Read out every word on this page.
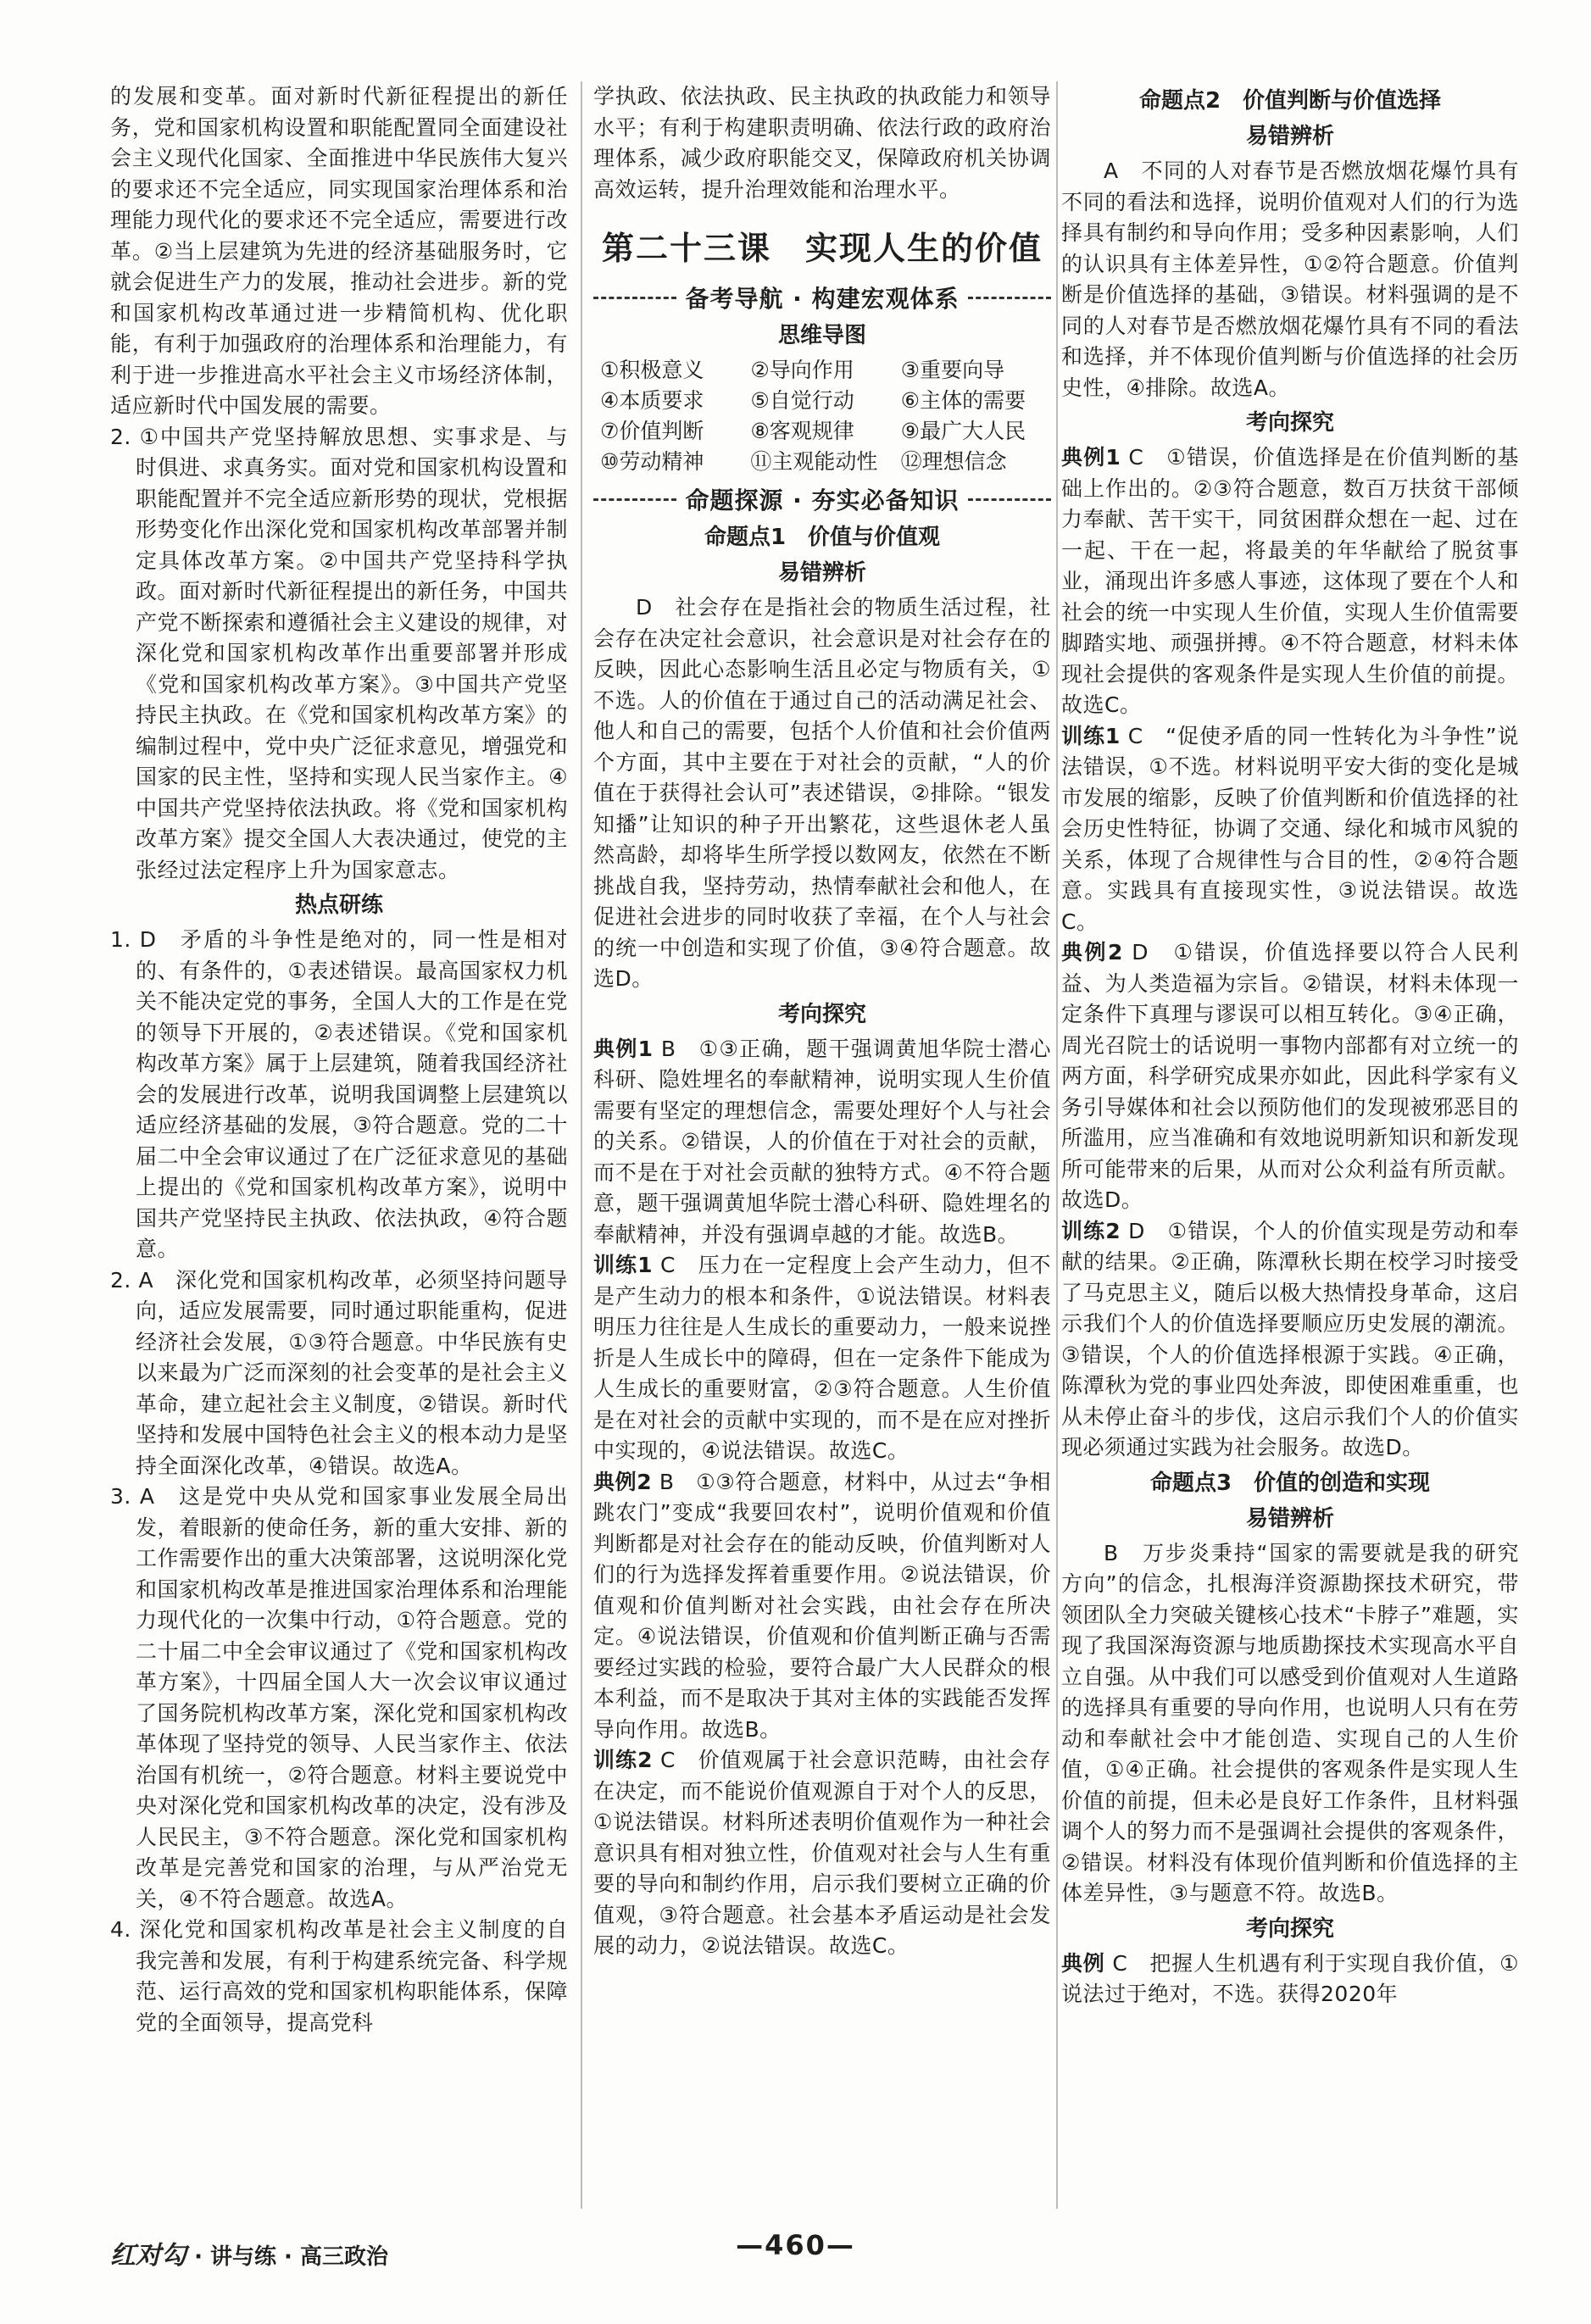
的发展和变革。面对新时代新征程提出的新任务，党和国家机构设置和职能配置同全面建设社会主义现代化国家、全面推进中华民族伟大复兴的要求还不完全适应，同实现国家治理体系和治理能力现代化的要求还不完全适应，需要进行改革。②当上层建筑为先进的经济基础服务时，它就会促进生产力的发展，推动社会进步。新的党和国家机构改革通过进一步精简机构、优化职能，有利于加强政府的治理体系和治理能力，有利于进一步推进高水平社会主义市场经济体制，适应新时代中国发展的需要。

2. ①中国共产党坚持解放思想、实事求是、与时俱进、求真务实。面对党和国家机构设置和职能配置并不完全适应新形势的现状，党根据形势变化作出深化党和国家机构改革部署并制定具体改革方案。②中国共产党坚持科学执政。面对新时代新征程提出的新任务，中国共产党不断探索和遵循社会主义建设的规律，对深化党和国家机构改革作出重要部署并形成《党和国家机构改革方案》。③中国共产党坚持民主执政。在《党和国家机构改革方案》的编制过程中，党中央广泛征求意见，增强党和国家的民主性，坚持和实现人民当家作主。④中国共产党坚持依法执政。将《党和国家机构改革方案》提交全国人大表决通过，使党的主张经过法定程序上升为国家意志。

热点研练

1. D　矛盾的斗争性是绝对的，同一性是相对的、有条件的，①表述错误。最高国家权力机关不能决定党的事务，全国人大的工作是在党的领导下开展的，②表述错误。《党和国家机构改革方案》属于上层建筑，随着我国经济社会的发展进行改革，说明我国调整上层建筑以适应经济基础的发展，③符合题意。党的二十届二中全会审议通过了在广泛征求意见的基础上提出的《党和国家机构改革方案》，说明中国共产党坚持民主执政、依法执政，④符合题意。

2. A　深化党和国家机构改革，必须坚持问题导向，适应发展需要，同时通过职能重构，促进经济社会发展，①③符合题意。中华民族有史以来最为广泛而深刻的社会变革的是社会主义革命，建立起社会主义制度，②错误。新时代坚持和发展中国特色社会主义的根本动力是坚持全面深化改革，④错误。故选A。

3. A　这是党中央从党和国家事业发展全局出发，着眼新的使命任务，新的重大安排、新的工作需要作出的重大决策部署，这说明深化党和国家机构改革是推进国家治理体系和治理能力现代化的一次集中行动，①符合题意。党的二十届二中全会审议通过了《党和国家机构改革方案》，十四届全国人大一次会议审议通过了国务院机构改革方案，深化党和国家机构改革体现了坚持党的领导、人民当家作主、依法治国有机统一，②符合题意。材料主要说党中央对深化党和国家机构改革的决定，没有涉及人民民主，③不符合题意。深化党和国家机构改革是完善党和国家的治理，与从严治党无关，④不符合题意。故选A。

4. 深化党和国家机构改革是社会主义制度的自我完善和发展，有利于构建系统完备、科学规范、运行高效的党和国家机构职能体系，保障党的全面领导，提高党科

学执政、依法执政、民主执政的执政能力和领导水平；有利于构建职责明确、依法行政的政府治理体系，减少政府职能交叉，保障政府机关协调高效运转，提升治理效能和治理水平。

第二十三课　实现人生的价值
备考导航 · 构建宏观体系
思维导图
①积极意义	②导向作用	③重要向导
④本质要求	⑤自觉行动	⑥主体的需要
⑦价值判断	⑧客观规律	⑨最广大人民
⑩劳动精神	⑪主观能动性	⑫理想信念
命题探源 · 夯实必备知识
命题点1　价值与价值观
易错辨析

D　社会存在是指社会的物质生活过程，社会存在决定社会意识，社会意识是对社会存在的反映，因此心态影响生活且必定与物质有关，①不选。人的价值在于通过自己的活动满足社会、他人和自己的需要，包括个人价值和社会价值两个方面，其中主要在于对社会的贡献，“人的价值在于获得社会认可”表述错误，②排除。“银发知播”让知识的种子开出繁花，这些退休老人虽然高龄，却将毕生所学授以数网友，依然在不断挑战自我，坚持劳动，热情奉献社会和他人，在促进社会进步的同时收获了幸福，在个人与社会的统一中创造和实现了价值，③④符合题意。故选D。

考向探究

典例1 B　①③正确，题干强调黄旭华院士潜心科研、隐姓埋名的奉献精神，说明实现人生价值需要有坚定的理想信念，需要处理好个人与社会的关系。②错误，人的价值在于对社会的贡献，而不是在于对社会贡献的独特方式。④不符合题意，题干强调黄旭华院士潜心科研、隐姓埋名的奉献精神，并没有强调卓越的才能。故选B。

训练1 C　压力在一定程度上会产生动力，但不是产生动力的根本和条件，①说法错误。材料表明压力往往是人生成长的重要动力，一般来说挫折是人生成长中的障碍，但在一定条件下能成为人生成长的重要财富，②③符合题意。人生价值是在对社会的贡献中实现的，而不是在应对挫折中实现的，④说法错误。故选C。

典例2 B　①③符合题意，材料中，从过去“争相跳农门”变成“我要回农村”，说明价值观和价值判断都是对社会存在的能动反映，价值判断对人们的行为选择发挥着重要作用。②说法错误，价值观和价值判断对社会实践，由社会存在所决定。④说法错误，价值观和价值判断正确与否需要经过实践的检验，要符合最广大人民群众的根本利益，而不是取决于其对主体的实践能否发挥导向作用。故选B。

训练2 C　价值观属于社会意识范畴，由社会存在决定，而不能说价值观源自于对个人的反思，①说法错误。材料所述表明价值观作为一种社会意识具有相对独立性，价值观对社会与人生有重要的导向和制约作用，启示我们要树立正确的价值观，③符合题意。社会基本矛盾运动是社会发展的动力，②说法错误。故选C。

命题点2　价值判断与价值选择
易错辨析

A　不同的人对春节是否燃放烟花爆竹具有不同的看法和选择，说明价值观对人们的行为选择具有制约和导向作用；受多种因素影响，人们的认识具有主体差异性，①②符合题意。价值判断是价值选择的基础，③错误。材料强调的是不同的人对春节是否燃放烟花爆竹具有不同的看法和选择，并不体现价值判断与价值选择的社会历史性，④排除。故选A。

考向探究

典例1 C　①错误，价值选择是在价值判断的基础上作出的。②③符合题意，数百万扶贫干部倾力奉献、苦干实干，同贫困群众想在一起、过在一起、干在一起，将最美的年华献给了脱贫事业，涌现出许多感人事迹，这体现了要在个人和社会的统一中实现人生价值，实现人生价值需要脚踏实地、顽强拼搏。④不符合题意，材料未体现社会提供的客观条件是实现人生价值的前提。故选C。

训练1 C　“促使矛盾的同一性转化为斗争性”说法错误，①不选。材料说明平安大街的变化是城市发展的缩影，反映了价值判断和价值选择的社会历史性特征，协调了交通、绿化和城市风貌的关系，体现了合规律性与合目的性，②④符合题意。实践具有直接现实性，③说法错误。故选C。

典例2 D　①错误，价值选择要以符合人民利益、为人类造福为宗旨。②错误，材料未体现一定条件下真理与谬误可以相互转化。③④正确，周光召院士的话说明一事物内部都有对立统一的两方面，科学研究成果亦如此，因此科学家有义务引导媒体和社会以预防他们的发现被邪恶目的所滥用，应当准确和有效地说明新知识和新发现所可能带来的后果，从而对公众利益有所贡献。故选D。

训练2 D　①错误，个人的价值实现是劳动和奉献的结果。②正确，陈潭秋长期在校学习时接受了马克思主义，随后以极大热情投身革命，这启示我们个人的价值选择要顺应历史发展的潮流。③错误，个人的价值选择根源于实践。④正确，陈潭秋为党的事业四处奔波，即使困难重重，也从未停止奋斗的步伐，这启示我们个人的价值实现必须通过实践为社会服务。故选D。

命题点3　价值的创造和实现
易错辨析

B　万步炎秉持“国家的需要就是我的研究方向”的信念，扎根海洋资源勘探技术研究，带领团队全力突破关键核心技术“卡脖子”难题，实现了我国深海资源与地质勘探技术实现高水平自立自强。从中我们可以感受到价值观对人生道路的选择具有重要的导向作用，也说明人只有在劳动和奉献社会中才能创造、实现自己的人生价值，①④正确。社会提供的客观条件是实现人生价值的前提，但未必是良好工作条件，且材料强调个人的努力而不是强调社会提供的客观条件，②错误。材料没有体现价值判断和价值选择的主体差异性，③与题意不符。故选B。

考向探究

典例 C　把握人生机遇有利于实现自我价值，①说法过于绝对，不选。获得2020年

红对勾 · 讲与练 · 高三政治	—460—
